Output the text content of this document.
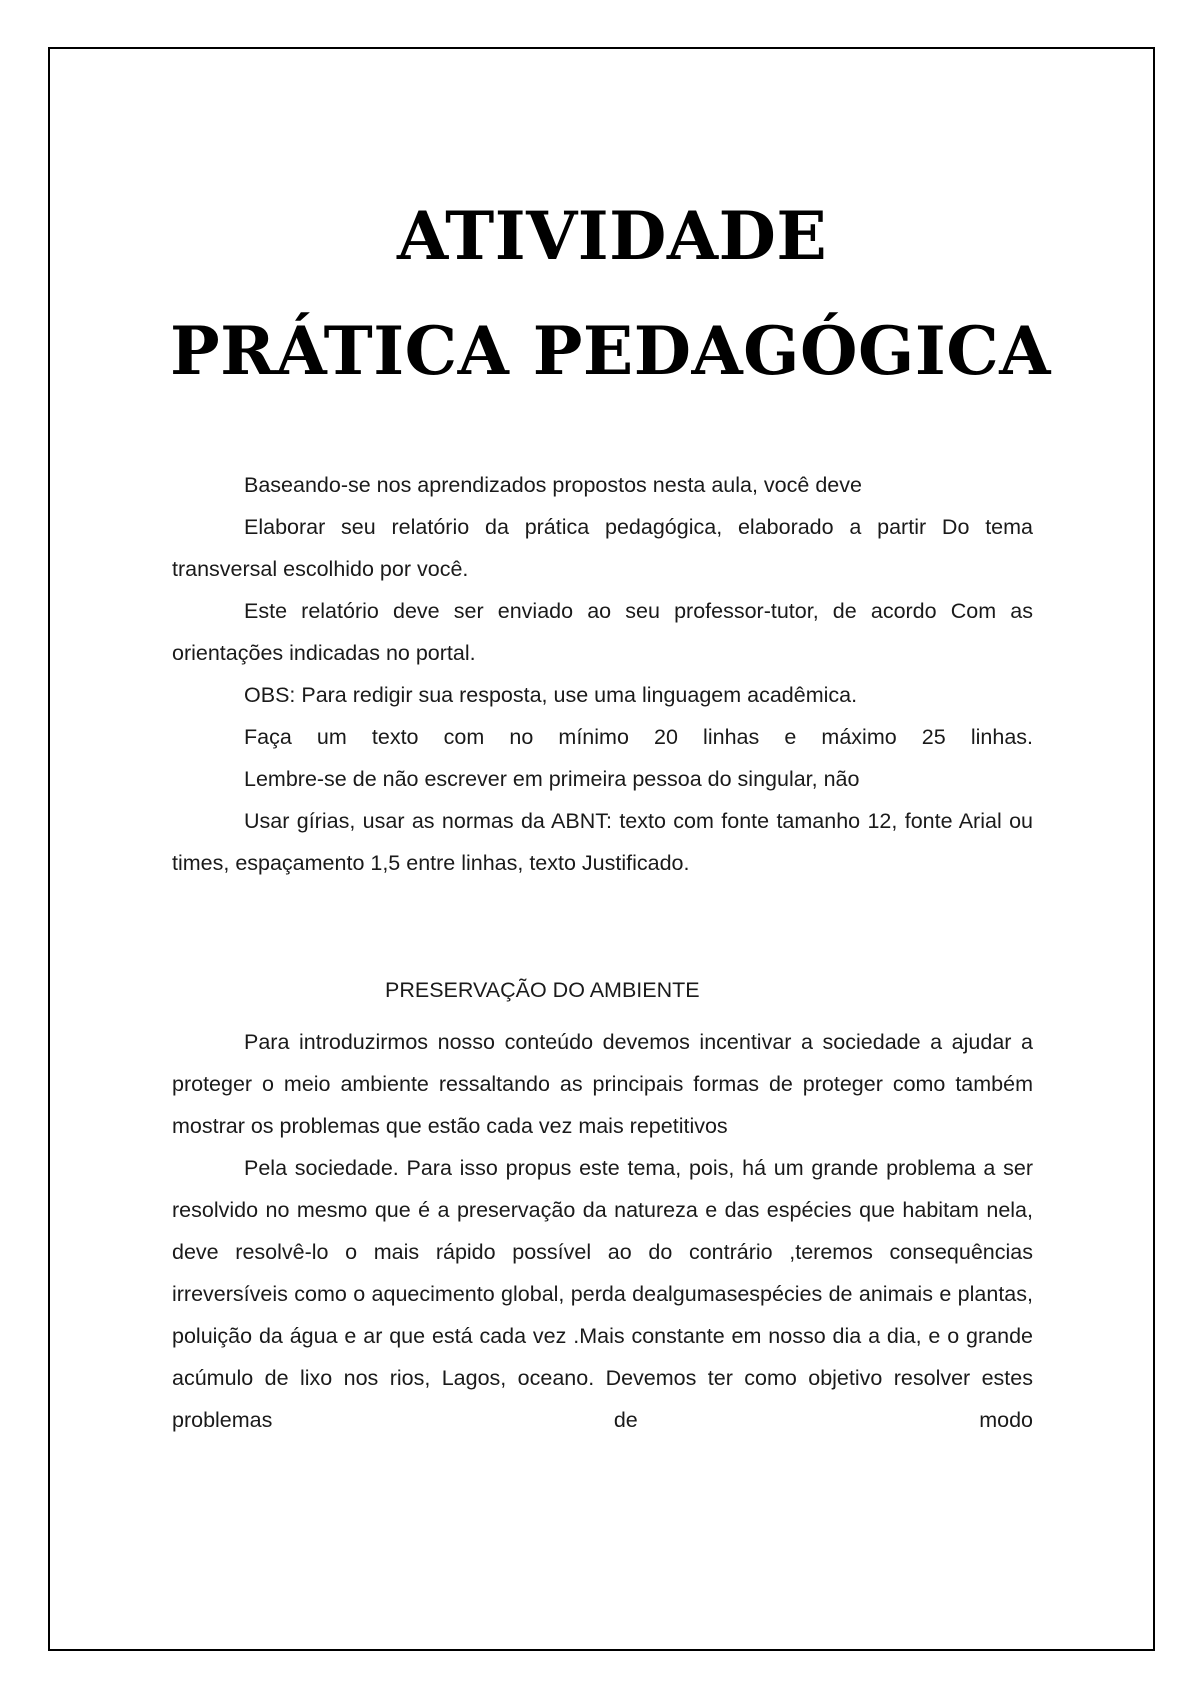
ATIVIDADE
PRÁTICA PEDAGÓGICA

Baseando-se nos aprendizados propostos nesta aula, você deve

Elaborar seu relatório da prática pedagógica, elaborado a partir Do tema transversal escolhido por você.

Este relatório deve ser enviado ao seu professor-tutor, de acordo Com as orientações indicadas no portal.

OBS: Para redigir sua resposta, use uma linguagem acadêmica.

Faça um texto com no mínimo 20 linhas e máximo 25 linhas.

Lembre-se de não escrever em primeira pessoa do singular, não

Usar gírias, usar as normas da ABNT: texto com fonte tamanho 12, fonte Arial ou times, espaçamento 1,5 entre linhas, texto Justificado.

PRESERVAÇÃO DO AMBIENTE

Para introduzirmos nosso conteúdo devemos incentivar a sociedade a ajudar a proteger o meio ambiente ressaltando as principais formas de proteger como também mostrar os problemas que estão cada vez mais repetitivos

Pela sociedade. Para isso propus este tema, pois, há um grande problema a ser resolvido no mesmo que é a preservação da natureza e das espécies que habitam nela, deve resolvê-lo o mais rápido possível ao do contrário ,teremos consequências irreversíveis como o aquecimento global, perda dealgumasespécies de animais e plantas, poluição da água e ar que está cada vez .Mais constante em nosso dia a dia, e o grande acúmulo de lixo nos rios, Lagos, oceano. Devemos ter como objetivo resolver estes problemas de modo
